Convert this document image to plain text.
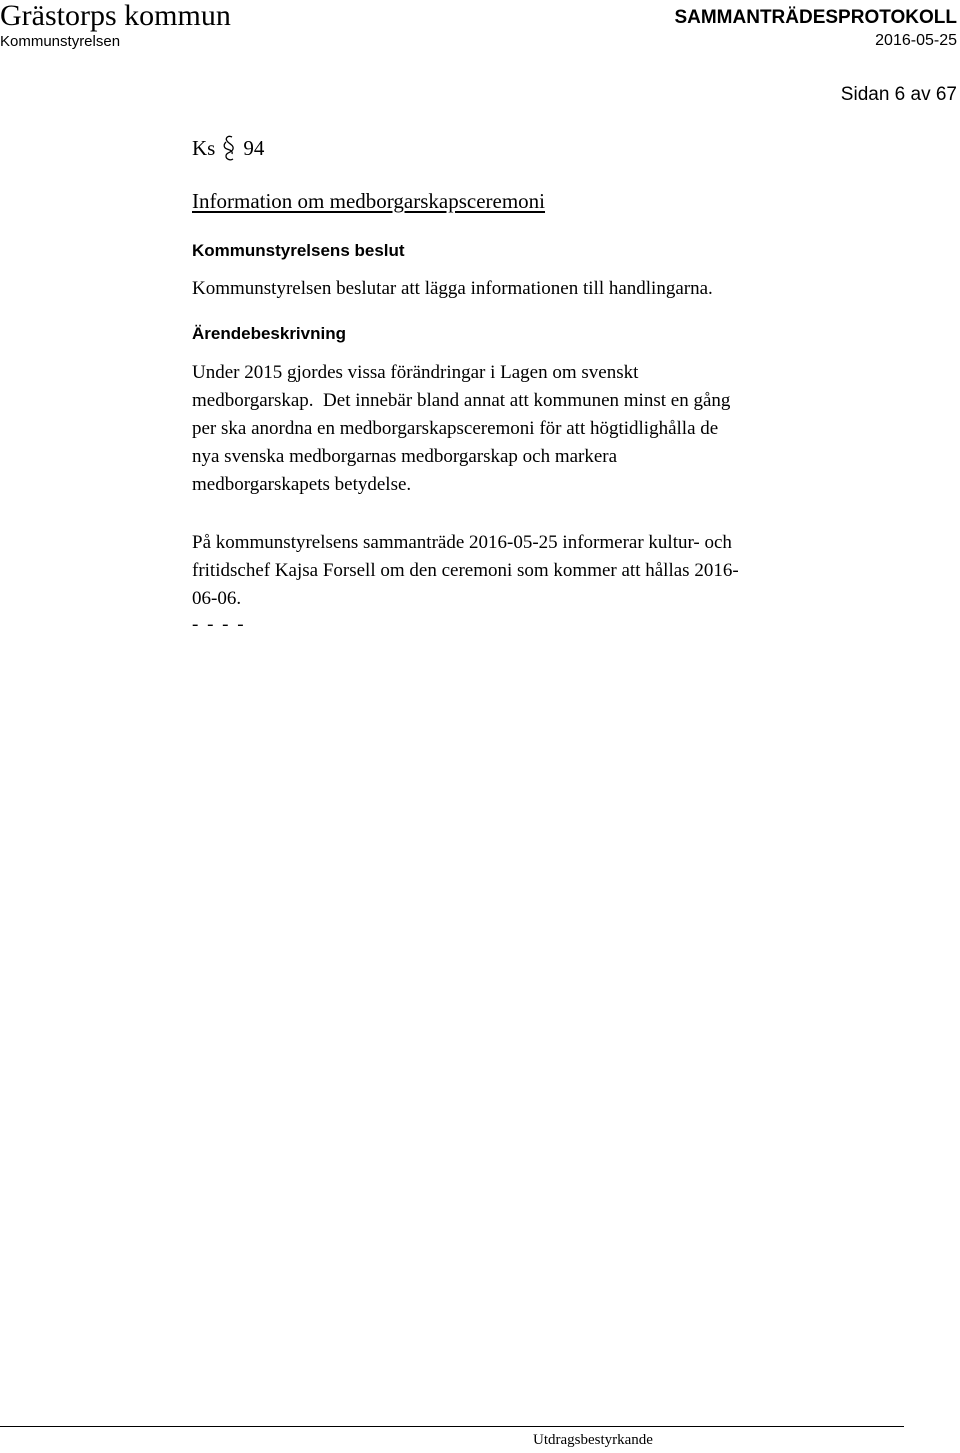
Grästorps kommun
Kommunstyrelsen
SAMMANTRÄDESPROTOKOLL
2016-05-25
Sidan 6 av 67
Ks 94
Information om medborgarskapsceremoni
Kommunstyrelsens beslut
Kommunstyrelsen beslutar att lägga informationen till handlingarna.
Ärendebeskrivning
Under 2015 gjordes vissa förändringar i Lagen om svenskt
medborgarskap.  Det innebär bland annat att kommunen minst en gång
per ska anordna en medborgarskapsceremoni för att högtidlighålla de
nya svenska medborgarnas medborgarskap och markera
medborgarskapets betydelse.
På kommunstyrelsens sammanträde 2016-05-25 informerar kultur- och
fritidschef Kajsa Forsell om den ceremoni som kommer att hållas 2016-
06-06.
- - - -
Utdragsbestyrkande
